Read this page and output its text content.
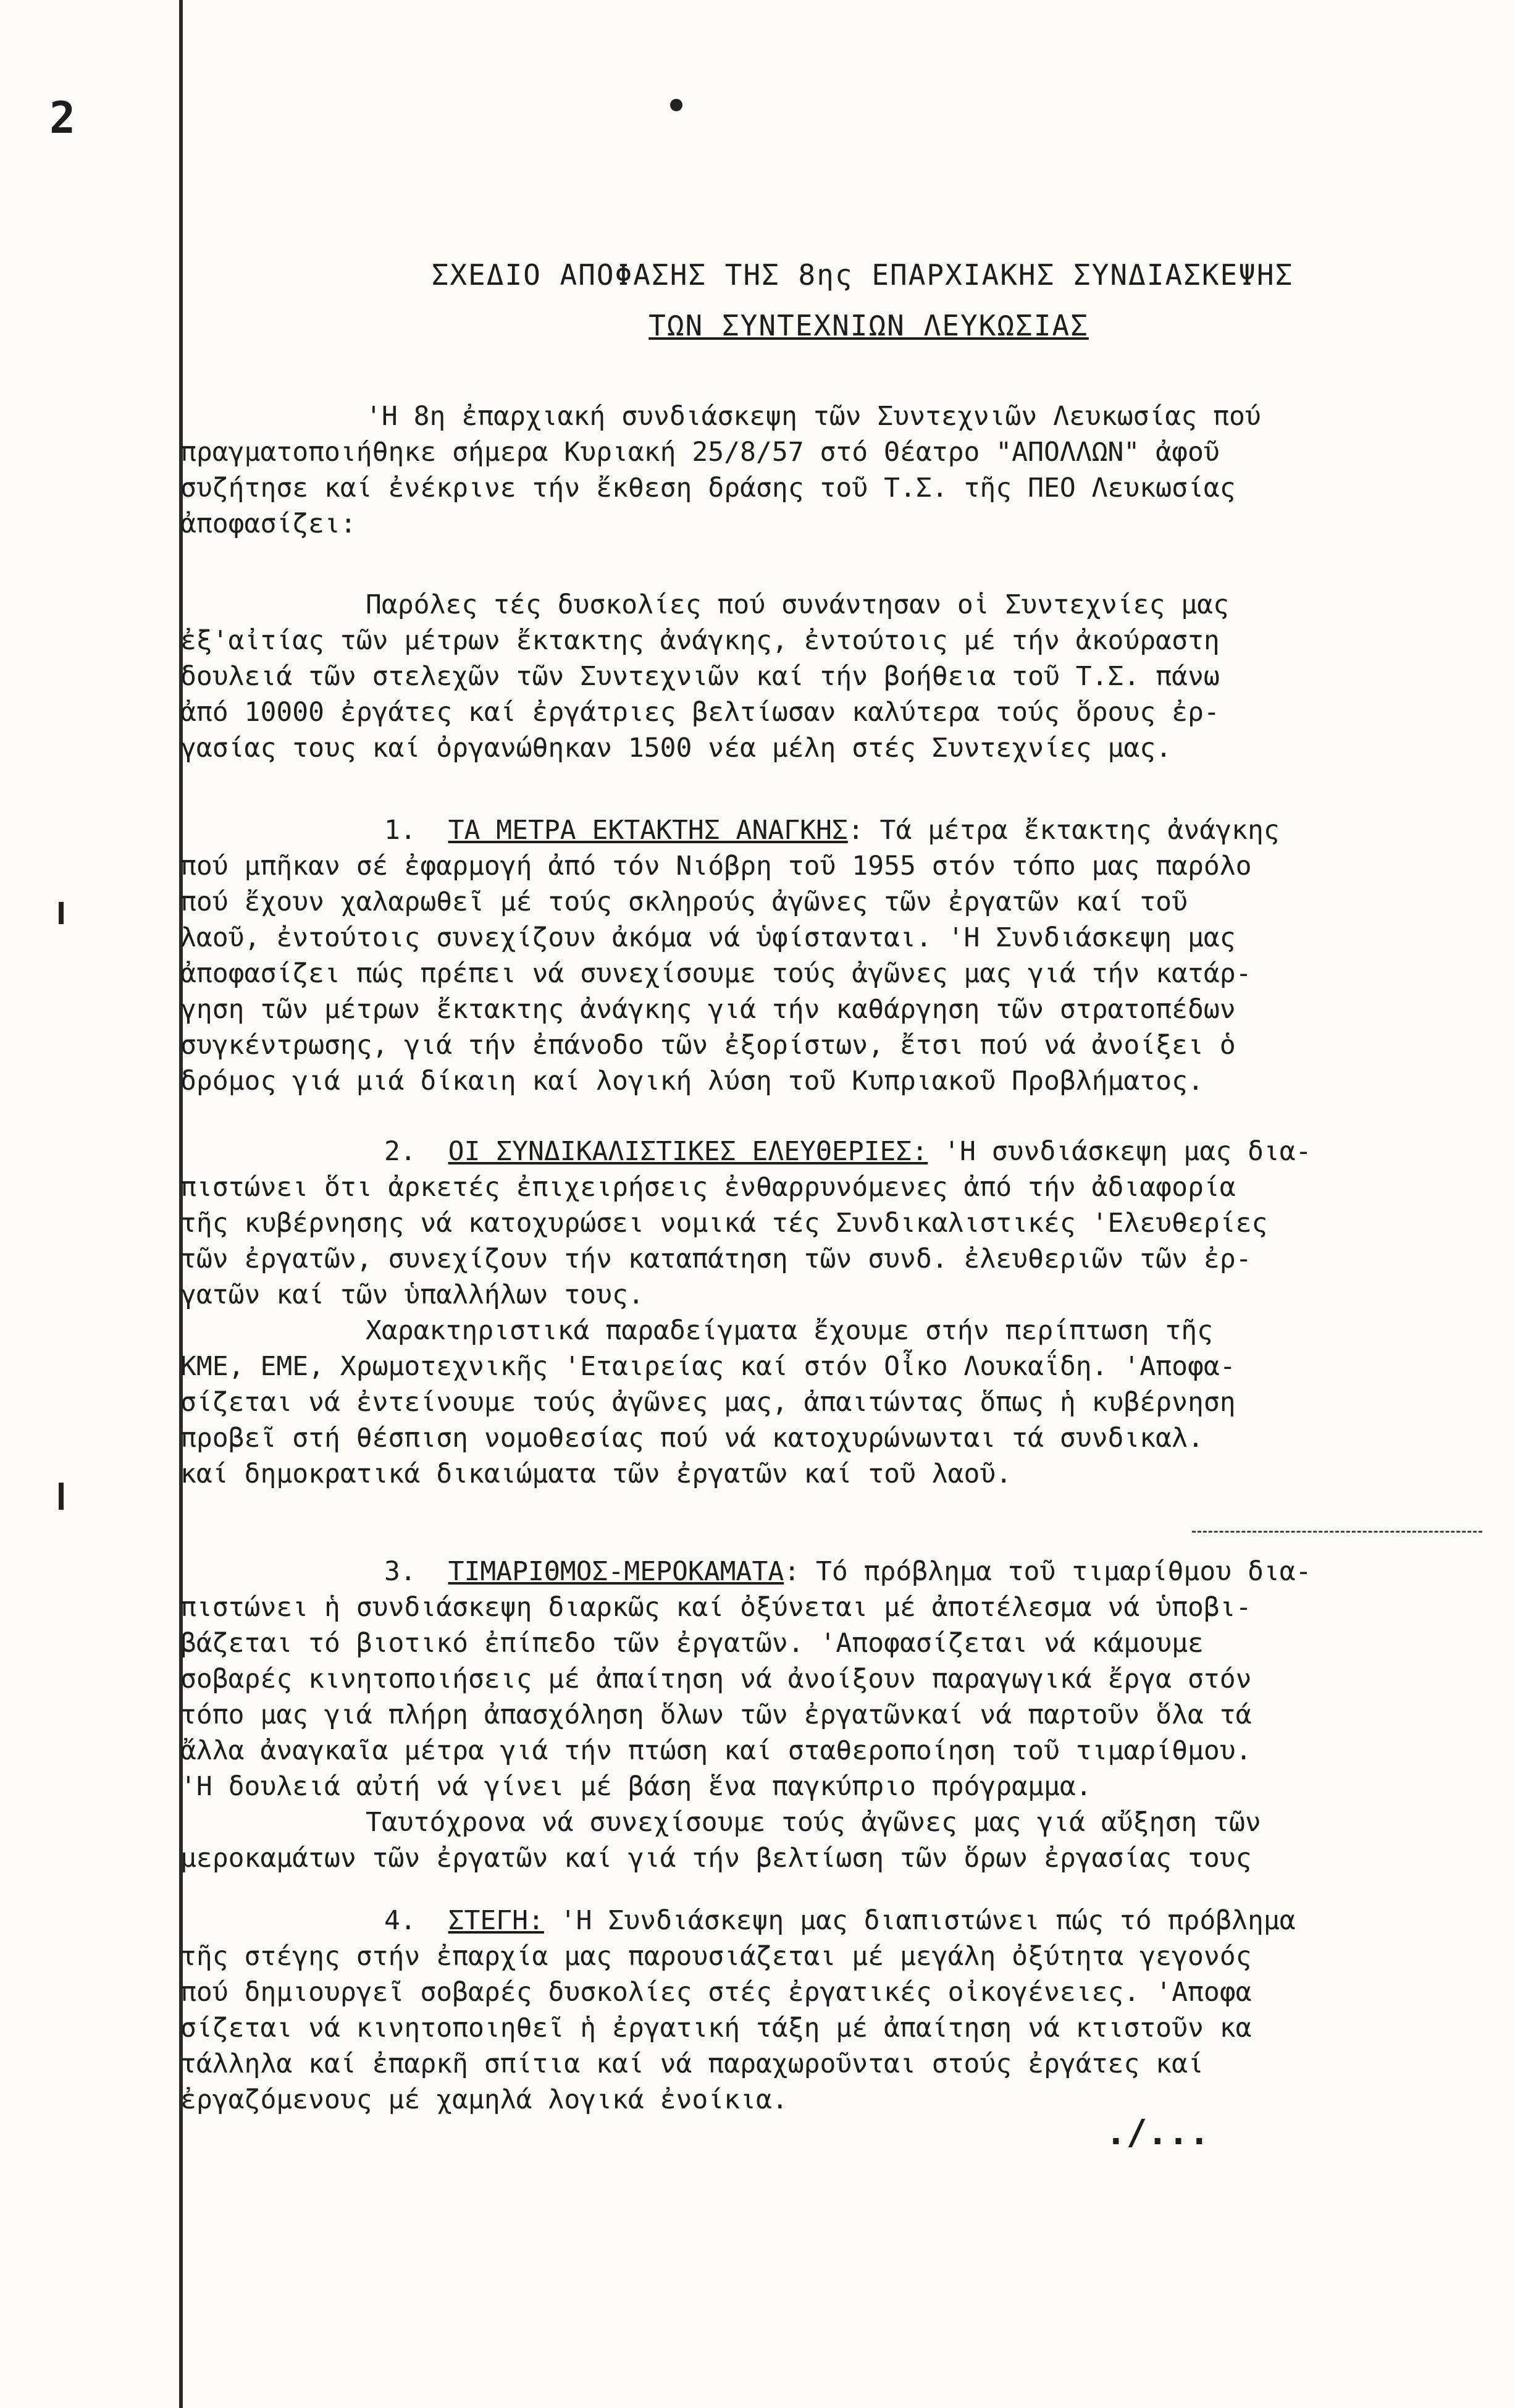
2
ΣΧΕΔΙΟ ΑΠΟΦΑΣΗΣ ΤΗΣ 8ης ΕΠΑΡΧΙΑΚΗΣ ΣΥΝΔΙΑΣΚΕΨΗΣ
ΤΩΝ ΣΥΝΤΕΧΝΙΩΝ ΛΕΥΚΩΣΙΑΣ

'Η 8η ἐπαρχιακή συνδιάσκεψη τῶν Συντεχνιῶν Λευκωσίας πού

πραγματοποιήθηκε σήμερα Κυριακή 25/8/57 στό Θέατρο "ΑΠΟΛΛΩΝ" ἀφοῦ

συζήτησε καί ἐνέκρινε τήν ἔκθεση δράσης τοῦ Τ.Σ. τῆς ΠΕΟ Λευκωσίας

ἀποφασίζει:

Παρόλες τές δυσκολίες πού συνάντησαν οἱ Συντεχνίες μας

ἐξ'αἰτίας τῶν μέτρων ἔκτακτης ἀνάγκης, ἐντούτοις μέ τήν ἀκούραστη

δουλειά τῶν στελεχῶν τῶν Συντεχνιῶν καί τήν βοήθεια τοῦ Τ.Σ. πάνω

ἀπό 10000 ἐργάτες καί ἐργάτριες βελτίωσαν καλύτερα τούς ὅρους ἐρ-

γασίας τους καί ὀργανώθηκαν 1500 νέα μέλη στές Συντεχνίες μας.

1. ΤΑ ΜΕΤΡΑ ΕΚΤΑΚΤΗΣ ΑΝΑΓΚΗΣ: Τά μέτρα ἔκτακτης ἀνάγκης

πού μπῆκαν σέ ἐφαρμογή ἀπό τόν Νιόβρη τοῦ 1955 στόν τόπο μας παρόλο

πού ἔχουν χαλαρωθεῖ μέ τούς σκληρούς ἀγῶνες τῶν ἐργατῶν καί τοῦ

λαοῦ, ἐντούτοις συνεχίζουν ἀκόμα νά ὑφίστανται. 'Η Συνδιάσκεψη μας

ἀποφασίζει πώς πρέπει νά συνεχίσουμε τούς ἀγῶνες μας γιά τήν κατάρ-

γηση τῶν μέτρων ἔκτακτης ἀνάγκης γιά τήν καθάργηση τῶν στρατοπέδων

συγκέντρωσης, γιά τήν ἐπάνοδο τῶν ἐξορίστων, ἔτσι πού νά ἀνοίξει ὁ

δρόμος γιά μιά δίκαιη καί λογική λύση τοῦ Κυπριακοῦ Προβλήματος.

2. ΟΙ ΣΥΝΔΙΚΑΛΙΣΤΙΚΕΣ ΕΛΕΥΘΕΡΙΕΣ: 'Η συνδιάσκεψη μας δια-

πιστώνει ὅτι ἀρκετές ἐπιχειρήσεις ἐνθαρρυνόμενες ἀπό τήν ἀδιαφορία

τῆς κυβέρνησης νά κατοχυρώσει νομικά τές Συνδικαλιστικές 'Ελευθερίες

τῶν ἐργατῶν, συνεχίζουν τήν καταπάτηση τῶν συνδ. ἐλευθεριῶν τῶν ἐρ-

γατῶν καί τῶν ὑπαλλήλων τους.

Χαρακτηριστικά παραδείγματα ἔχουμε στήν περίπτωση τῆς

ΚΜΕ, ΕΜΕ, Χρωμοτεχνικῆς 'Εταιρείας καί στόν Οἶκο Λουκαΐδη. 'Αποφα-

σίζεται νά ἐντείνουμε τούς ἀγῶνες μας, ἀπαιτώντας ὅπως ἡ κυβέρνηση

προβεῖ στή θέσπιση νομοθεσίας πού νά κατοχυρώνωνται τά συνδικαλ.

καί δημοκρατικά δικαιώματα τῶν ἐργατῶν καί τοῦ λαοῦ.

3. ΤΙΜΑΡΙΘΜΟΣ-ΜΕΡΟΚΑΜΑΤΑ: Τό πρόβλημα τοῦ τιμαρίθμου δια-

πιστώνει ἡ συνδιάσκεψη διαρκῶς καί ὀξύνεται μέ ἀποτέλεσμα νά ὑποβι-

βάζεται τό βιοτικό ἐπίπεδο τῶν ἐργατῶν. 'Αποφασίζεται νά κάμουμε

σοβαρές κινητοποιήσεις μέ ἀπαίτηση νά ἀνοίξουν παραγωγικά ἔργα στόν

τόπο μας γιά πλήρη ἀπασχόληση ὅλων τῶν ἐργατῶνκαί νά παρτοῦν ὅλα τά

ἄλλα ἀναγκαῖα μέτρα γιά τήν πτώση καί σταθεροποίηση τοῦ τιμαρίθμου.

'Η δουλειά αὐτή νά γίνει μέ βάση ἕνα παγκύπριο πρόγραμμα.

Ταυτόχρονα νά συνεχίσουμε τούς ἀγῶνες μας γιά αὔξηση τῶν

μεροκαμάτων τῶν ἐργατῶν καί γιά τήν βελτίωση τῶν ὅρων ἐργασίας τους

4. ΣΤΕΓΗ: 'Η Συνδιάσκεψη μας διαπιστώνει πώς τό πρόβλημα

τῆς στέγης στήν ἐπαρχία μας παρουσιάζεται μέ μεγάλη ὀξύτητα γεγονός

πού δημιουργεῖ σοβαρές δυσκολίες στές ἐργατικές οἰκογένειες. 'Αποφα

σίζεται νά κινητοποιηθεῖ ἡ ἐργατική τάξη μέ ἀπαίτηση νά κτιστοῦν κα

τάλληλα καί ἐπαρκῆ σπίτια καί νά παραχωροῦνται στούς ἐργάτες καί

ἐργαζόμενους μέ χαμηλά λογικά ἐνοίκια.

./...
